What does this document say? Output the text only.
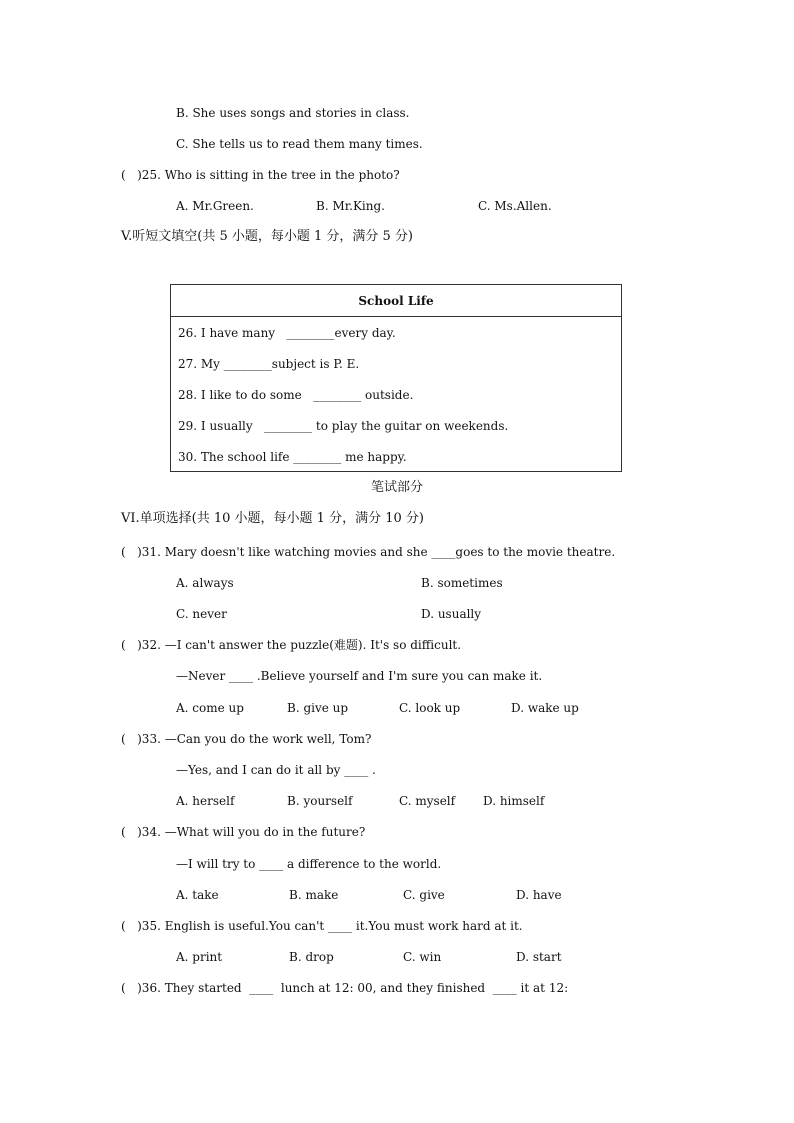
B. She uses songs and stories in class.
C. She tells us to read them many times.
(   )25. Who is sitting in the tree in the photo?
A. Mr.Green.	B. Mr.King.	C. Ms.Allen.
V.听短文填空(共 5 小题，每小题 1 分，满分 5 分)
School Life
26. I have many   ________every day.
27. My ________subject is P. E.
28. I like to do some   ________ outside.
29. I usually   ________ to play the guitar on weekends.
30. The school life ________ me happy.
笔试部分
VI.单项选择(共 10 小题，每小题 1 分，满分 10 分)
(   )31. Mary doesn't like watching movies and she ____goes to the movie theatre.
A. always	B. sometimes
C. never	D. usually
(   )32. —I can't answer the puzzle(难题). It's so difficult.
—Never ____ .Believe yourself and I'm sure you can make it.
A. come up	B. give up	C. look up	D. wake up
(   )33. —Can you do the work well, Tom?
—Yes, and I can do it all by ____ .
A. herself	B. yourself	C. myself D. himself
(   )34. —What will you do in the future?
—I will try to ____ a difference to the world.
A. take	B. make	C. give	D. have
(   )35. English is useful.You can't ____ it.You must work hard at it.
A. print	B. drop	C. win	D. start
(   )36. They started  ____  lunch at 12: 00, and they finished  ____ it at 12:
